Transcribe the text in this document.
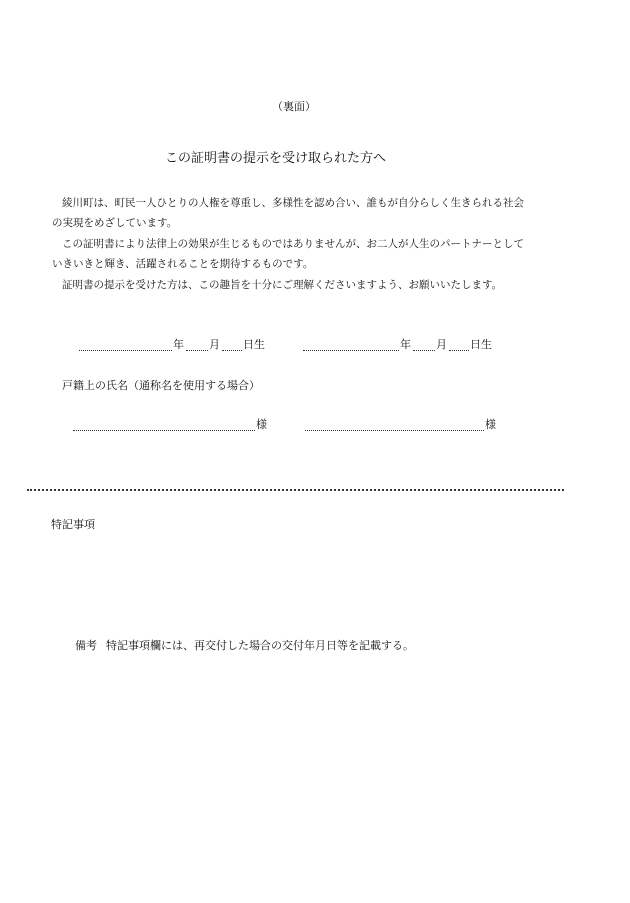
（裏面）
この証明書の提示を受け取られた方へ
綾川町は、町民一人ひとりの人権を尊重し、多様性を認め合い、誰もが自分らしく生きられる社会
の実現をめざしています。
この証明書により法律上の効果が生じるものではありませんが、お二人が人生のパートナーとして
いきいきと輝き、活躍されることを期待するものです。
証明書の提示を受けた方は、この趣旨を十分にご理解くださいますよう、お願いいたします。
年 月 日生	年 月 日生
戸籍上の氏名（通称名を使用する場合）
様	様
特記事項
備考 特記事項欄には、再交付した場合の交付年月日等を記載する。
